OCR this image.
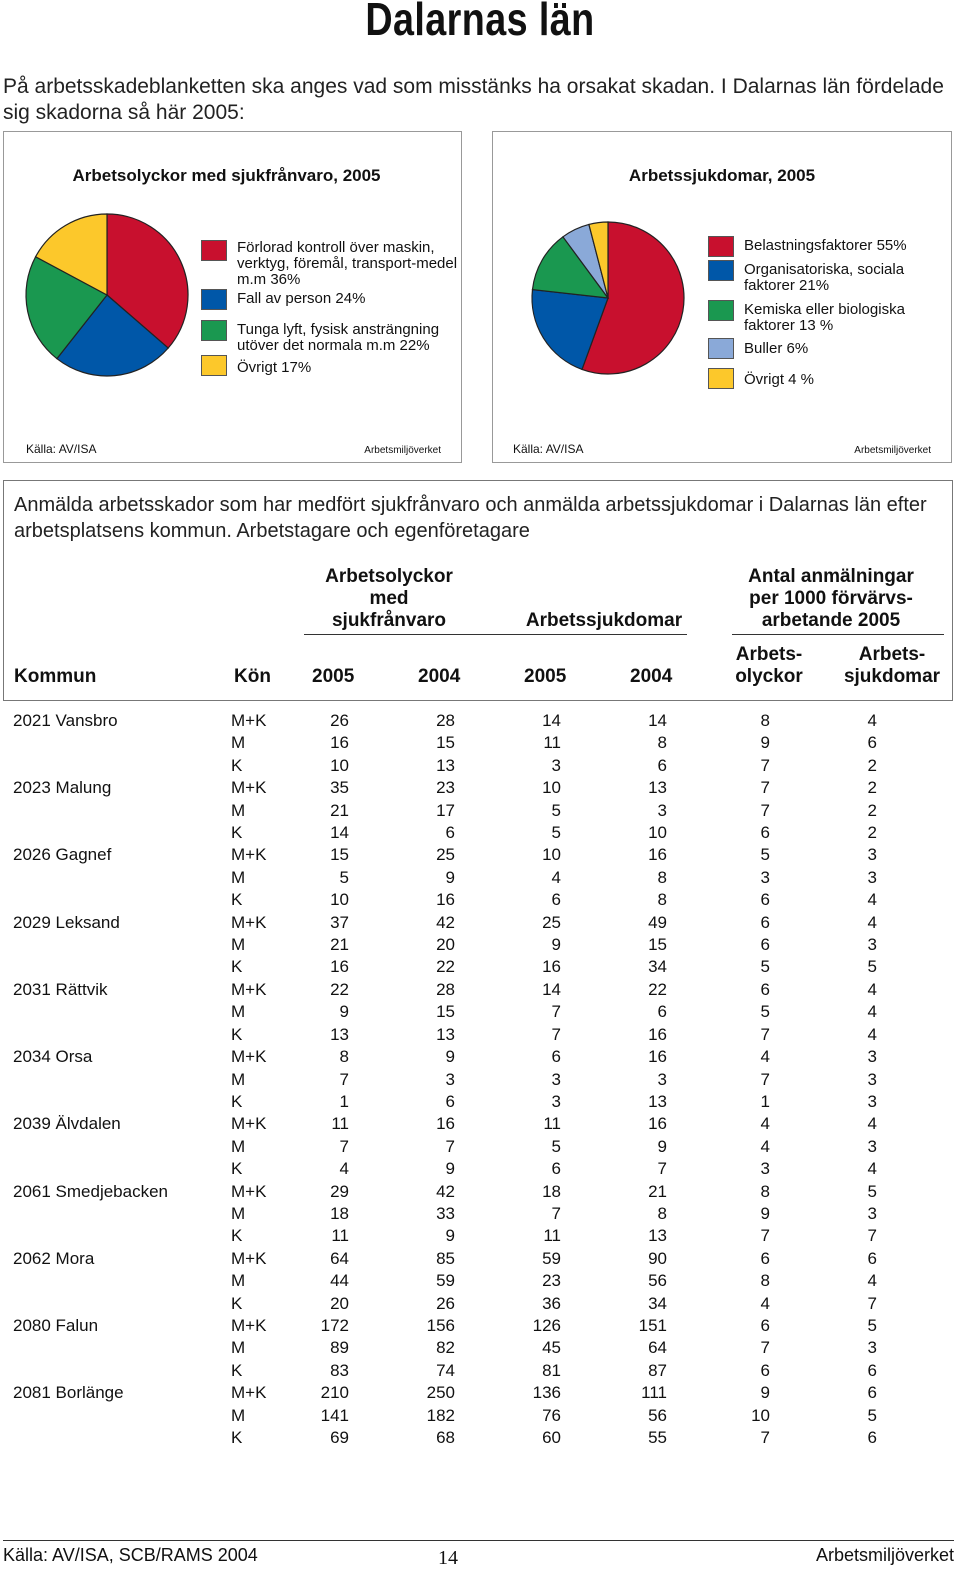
Dalarnas län
På arbetsskadeblanketten ska anges vad som misstänks ha orsakat skadan. I Dalarnas län fördelade sig skadorna så här 2005:
Arbetsolyckor med sjukfrånvaro, 2005
Förlorad kontroll över maskin, verktyg, föremål, transport-medel m.m 36%
Fall av person 24%
Tunga lyft, fysisk ansträngning utöver det normala m.m 22%
Övrigt 17%
Källa: AV/ISA	Arbetsmiljöverket
Arbetssjukdomar, 2005
Belastningsfaktorer 55%
Organisatoriska, sociala faktorer 21%
Kemiska eller biologiska faktorer 13 %
Buller 6%
Övrigt 4 %
Källa: AV/ISA	Arbetsmiljöverket
Anmälda arbetsskador som har medfört sjukfrånvaro och anmälda arbetssjukdomar i Dalarnas län efter arbetsplatsens kommun. Arbetstagare och egenföretagare
Arbetsolyckor
med
sjukfrånvaro	Arbetssjukdomar
Antal anmälningar
per 1000 förvärvs-
arbetande 2005
Kommun	Kön 2005	2004	2005	2004
Arbets-
olyckor
Arbets-
sjukdomar
2021 Vansbro	M+K	26	28	14	14	8	4
	M	16	15	11	8	9	6
	K	10	13	3	6	7	2
2023 Malung	M+K	35	23	10	13	7	2
	M	21	17	5	3	7	2
	K	14	6	5	10	6	2
2026 Gagnef	M+K	15	25	10	16	5	3
	M	5	9	4	8	3	3
	K	10	16	6	8	6	4
2029 Leksand	M+K	37	42	25	49	6	4
	M	21	20	9	15	6	3
	K	16	22	16	34	5	5
2031 Rättvik	M+K	22	28	14	22	6	4
	M	9	15	7	6	5	4
	K	13	13	7	16	7	4
2034 Orsa	M+K	8	9	6	16	4	3
	M	7	3	3	3	7	3
	K	1	6	3	13	1	3
2039 Älvdalen	M+K	11	16	11	16	4	4
	M	7	7	5	9	4	3
	K	4	9	6	7	3	4
2061 Smedjebacken	M+K	29	42	18	21	8	5
	M	18	33	7	8	9	3
	K	11	9	11	13	7	7
2062 Mora	M+K	64	85	59	90	6	6
	M	44	59	23	56	8	4
	K	20	26	36	34	4	7
2080 Falun	M+K	172	156	126	151	6	5
	M	89	82	45	64	7	3
	K	83	74	81	87	6	6
2081 Borlänge	M+K	210	250	136	111	9	6
	M	141	182	76	56	10	5
	K	69	68	60	55	7	6
Källa: AV/ISA, SCB/RAMS 2004	14	Arbetsmiljöverket
